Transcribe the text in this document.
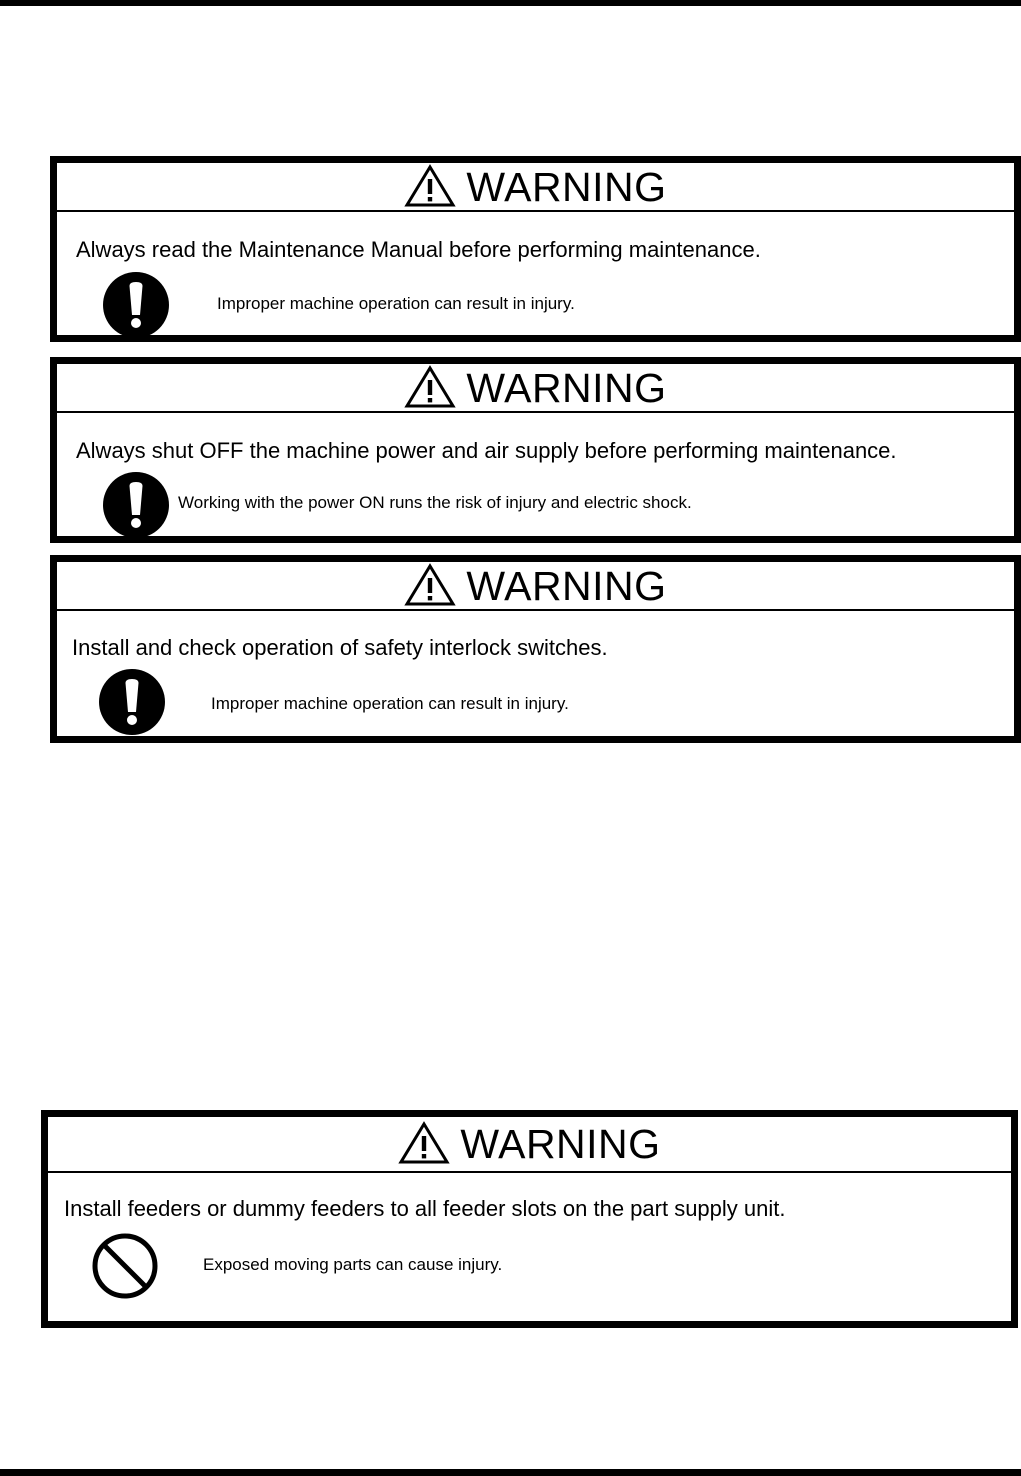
WARNING
Always read the Maintenance Manual before performing maintenance.
Improper machine operation can result in injury.
WARNING
Always shut OFF the machine power and air supply before performing maintenance.
Working with the power ON runs the risk of injury and electric shock.
WARNING
Install and check operation of safety interlock switches.
Improper machine operation can result in injury.
WARNING
Install feeders or dummy feeders to all feeder slots on the part supply unit.
Exposed moving parts can cause injury.
